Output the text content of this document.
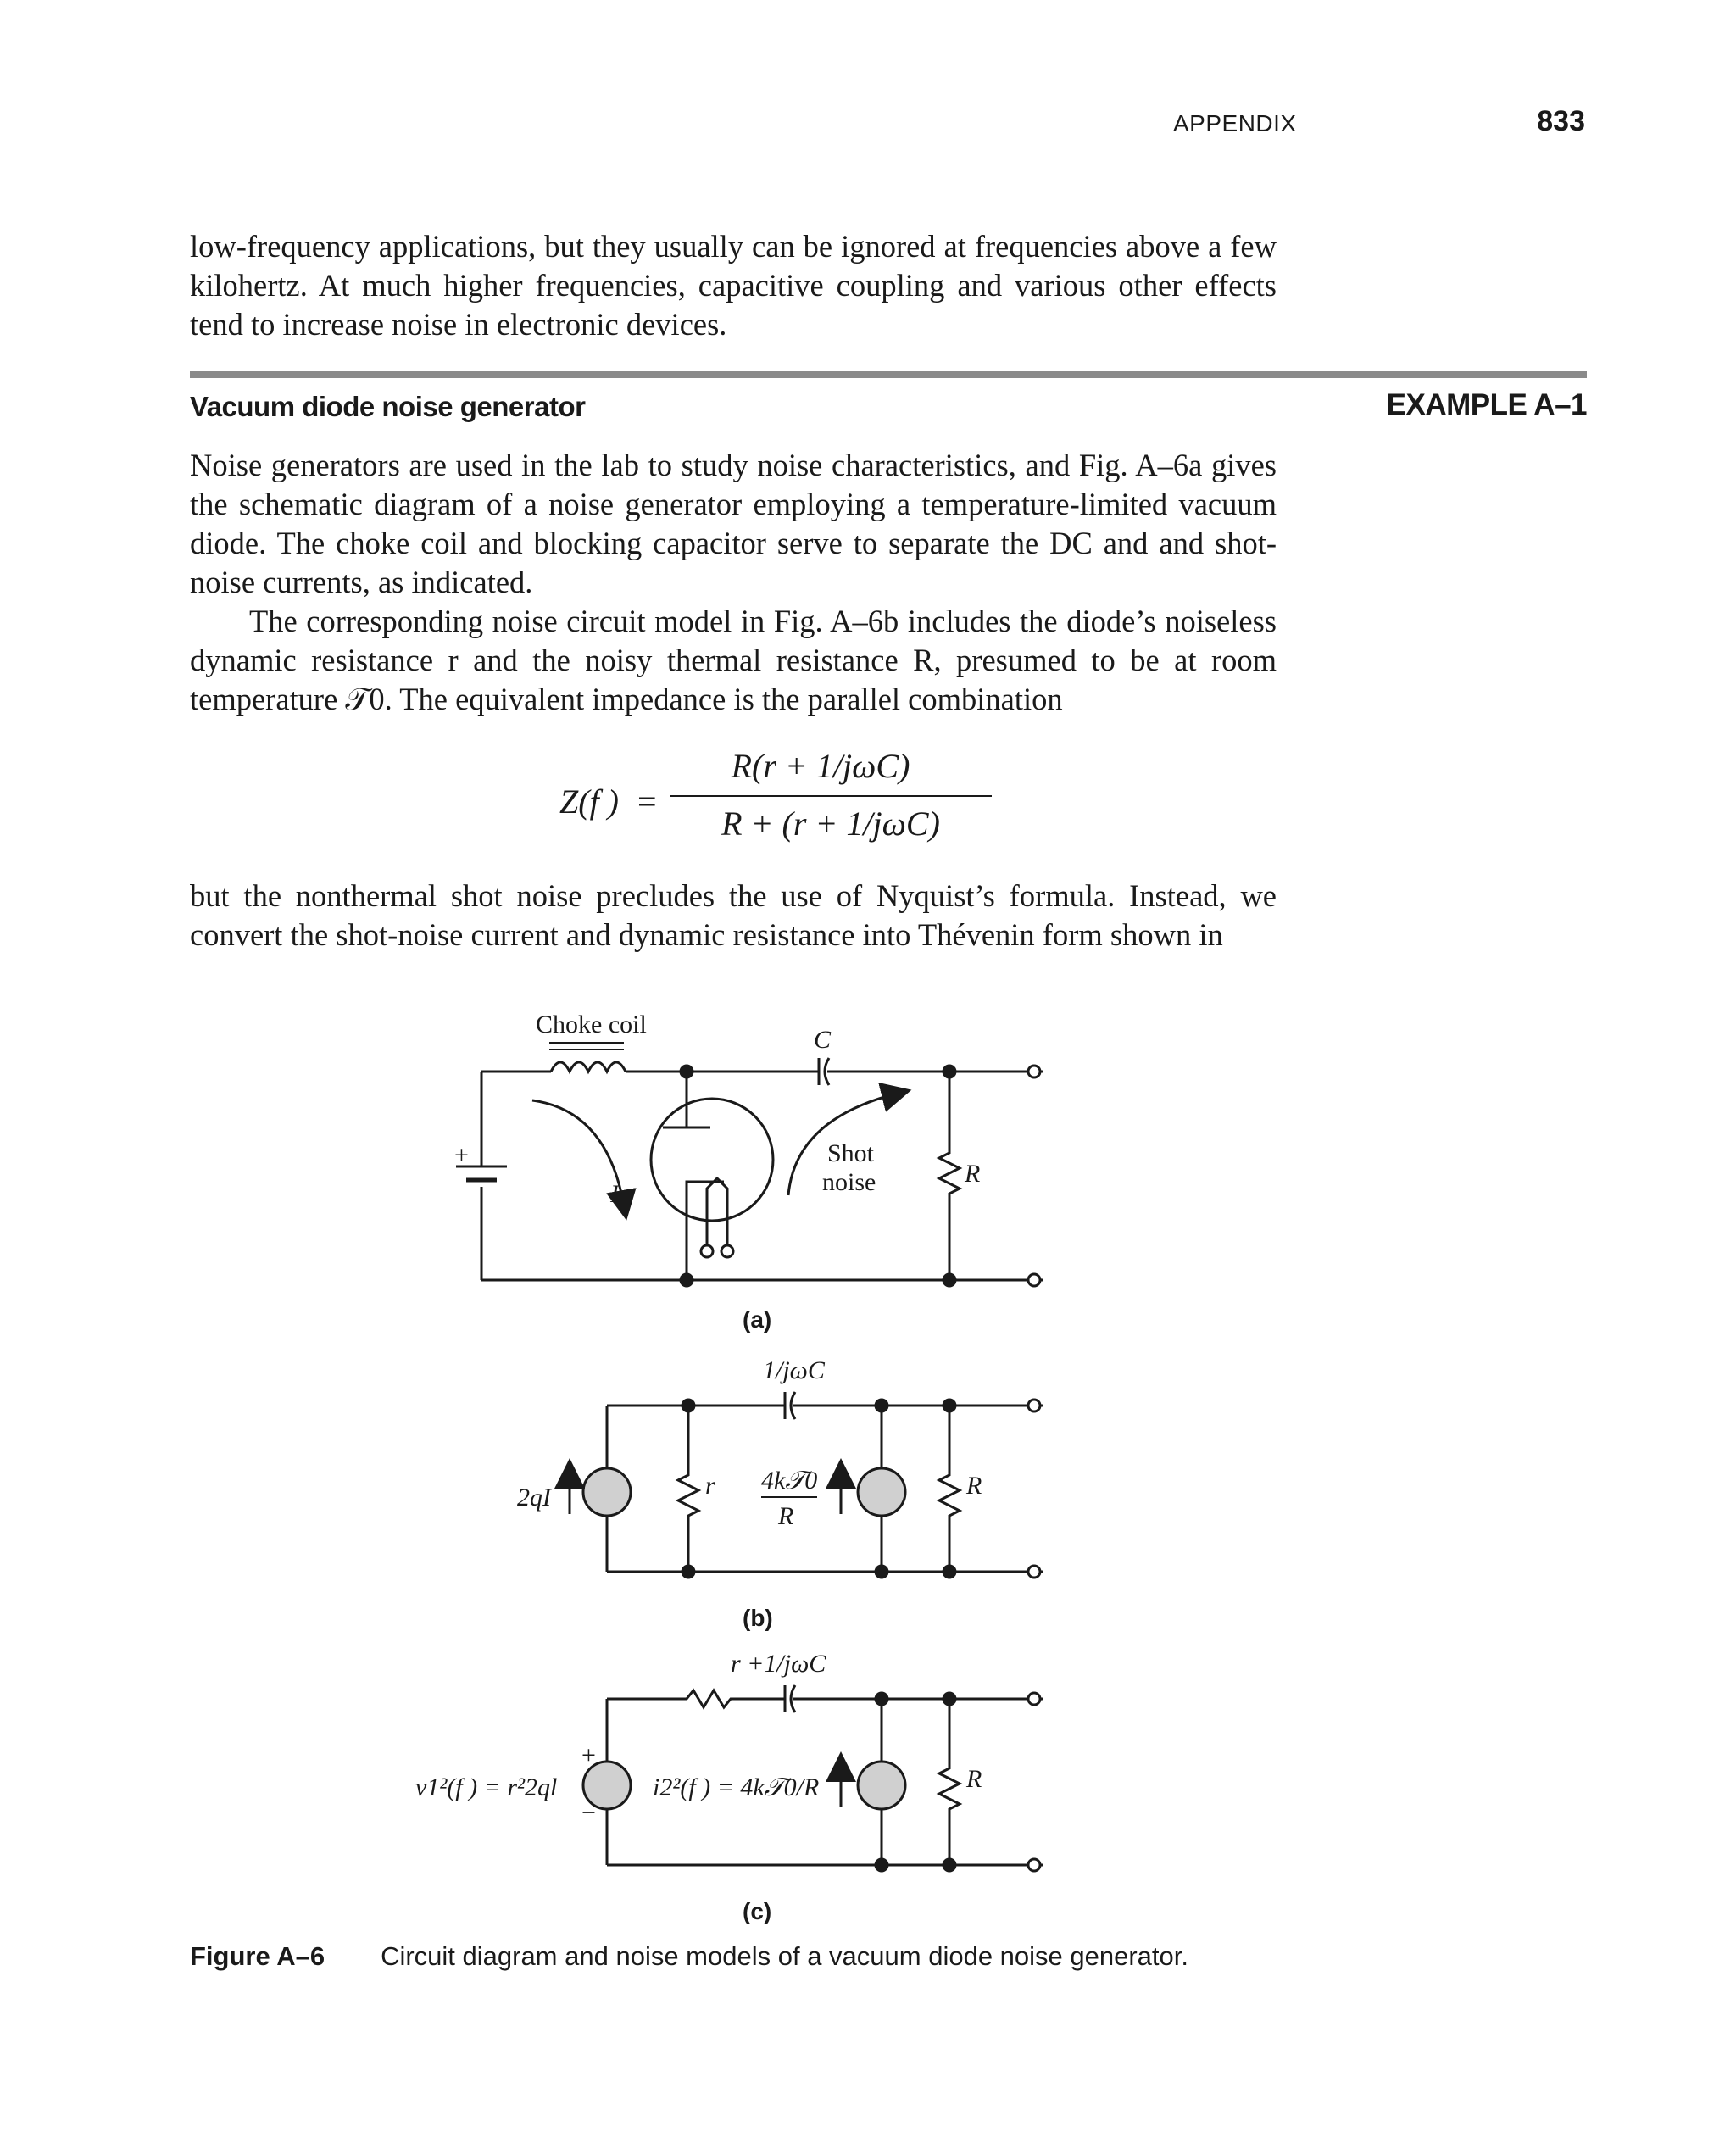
APPENDIX	833

low-frequency applications, but they usually can be ignored at frequencies above a few kilohertz. At much higher frequencies, capacitive coupling and various other effects tend to increase noise in electronic devices.

Vacuum diode noise generator	EXAMPLE A–1

Noise generators are used in the lab to study noise characteristics, and Fig. A–6a gives the schematic diagram of a noise generator employing a temperature-limited vacuum diode. The choke coil and blocking capacitor serve to separate the DC and and shot-noise currents, as indicated.

The corresponding noise circuit model in Fig. A–6b includes the diode’s noiseless dynamic resistance r and the noisy thermal resistance R, presumed to be at room temperature 𝒯0. The equivalent impedance is the parallel combination

Z(f ) =
R(r + 1/jωC)
R + (r + 1/jωC)

but the nonthermal shot noise precludes the use of Nyquist’s formula. Instead, we convert the shot-noise current and dynamic resistance into Thévenin form shown in

Choke coil
C
+
I
Shot
noise	R
(a)
1/jωC
2qI	r 4k𝒯0
R
R
(b)
r +1/jωC
+
−
v1²(f ) = r²2ql	i2²(f ) = 4k𝒯0/R	R
(c)
Figure A–6 Circuit diagram and noise models of a vacuum diode noise generator.
